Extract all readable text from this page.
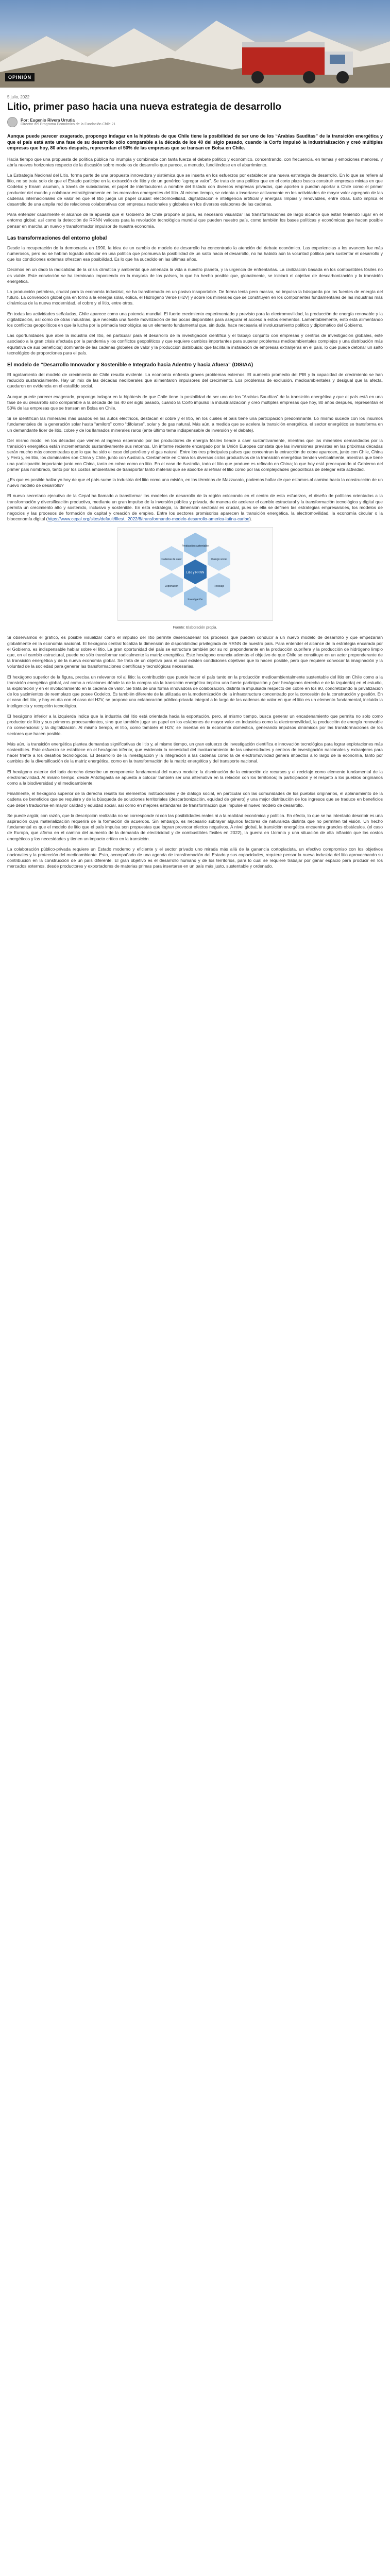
OPINIÓN
5 julio, 2022
Litio, primer paso hacia una nueva estrategia de desarrollo
Por: Eugenio Rivera Urrutia
Director del Programa Económico de la Fundación Chile 21

Aunque puede parecer exagerado, propongo indagar en la hipótesis de que Chile tiene la posibilidad de ser uno de los “Arabias Sauditas” de la transición energética y que el país está ante una fase de su desarrollo sólo comparable a la década de los 40 del siglo pasado, cuando la Corfo impulsó la industrialización y creó múltiples empresas que hoy, 80 años después, representan el 50% de las empresas que se transan en Bolsa en Chile.

Hacia tiempo que una propuesta de política pública no irrumpía y combinaba con tanta fuerza el debate político y económico, concentrando, con frecuencia, en temas y emociones menores, y abría nuevos horizontes respecto de la discusión sobre modelos de desarrollo que parece, a menudo, fundiéndose en el aburrimiento.

La Estrategia Nacional del Litio, forma parte de una propuesta innovadora y sistémica que se inserta en los esfuerzos por establecer una nueva estrategia de desarrollo. En lo que se refiere al litio, no se trata solo de que el Estado participe en la extracción de litio y de un genérico “agregar valor”. Se trata de una política que en el corto plazo busca construir empresas mixtas en que Codelco y Enami asuman, a través de subsidiarias, el papel de interlocutores a nombre del Estado con diversos empresas privadas, que aporten o puedan aportar a Chile como el primer productor del mundo y colaborar estratégicamente en los mercados emergentes del litio. Al mismo tiempo, se orienta a insertarse activamente en los actividades de mayor valor agregado de las cadenas internacionales de valor en que el litio juega un papel crucial: electromovilidad, digitalización e inteligencia artificial y energías limpias y renovables, entre otras. Esto implica el desarrollo de una amplia red de relaciones colaborativas con empresas nacionales y globales en los diversos eslabones de las cadenas.

Para entender cabalmente el alcance de la apuesta que el Gobierno de Chile propone al país, es necesario visualizar las transformaciones de largo alcance que están teniendo lugar en el entorno global; así como la detección de RRNN valiosos para la revolución tecnológica mundial que pueden nuestro país, como también los bases políticas y económicas que hacen posible pensar en marcha un nuevo y transformador impulsor de nuestra economía.

Las transformaciones del entorno global

Desde la recuperación de la democracia en 1990, la idea de un cambio de modelo de desarrollo ha concentrado la atención del debate económico. Las experiencias a los avances fue más numerosos, pero no se habían logrado articular en una política que promueva la posibilidad de un salto hacia el desarrollo, no ha habido aún la voluntad política para sustentar el desarrollo y que los condiciones externas ofrezcan esa posibilidad. Es lo que ha sucedido en las últimas años.

Decimos en un dado la radicalidad de la crisis climática y ambiental que amenaza la vida a nuestro planeta, y la urgencia de enfrentarlas. La civilización basada en los combustibles fósiles no es viable. Este convicción se ha terminado imponiendo en la mayoría de los países, lo que ha hecho posible que, globalmente, se iniciará el objetivo de descarbonización y la transición energética.

La producción petrolera, crucial para la economía industrial, se ha transformado en un pasivo insoportable. De forma lenta pero masiva, se impulsa la búsqueda por las fuentes de energía del futuro. La convención global gira en torno a la energía solar, eólica, el Hidrógeno Verde (H2V) y sobre los minerales que se constituyen en los componentes fundamentales de las industrias más dinámicas de la nueva modernidad, el cobre y el litio, entre otros.

En todas las actividades señaladas, Chile aparece como una potencia mundial. El fuerte crecimiento experimentado y previsto para la electromovilidad, la producción de energía renovable y la digitalización, así como de otras industrias, que necesita una fuerte movilización de las pocas disponibles para asegurar el acceso a estos elementos. Lamentablemente, esto está alimentando los conflictos geopolíticos en que la lucha por la primacía tecnológica es un elemento fundamental que, sin duda, hace necesaria el involucramiento político y diplomático del Gobierno.

Las oportunidades que abre la industria del litio, en particular para el desarrollo de la investigación científica y el trabajo conjunto con empresas y centros de investigación globales, este asociado a la gran crisis afectada por la pandemia y los conflictos geopolíticos y que requiere cambios importantes para superar problemas medioambientales complejos y una distribución más equitativa de sus beneficios) dominante de las cadenas globales de valor y la producción distribuida; que facilita la instalación de empresas extranjeras en el país, lo que puede detonar un salto tecnológico de proporciones para el país.

El modelo de “Desarrollo Innovador y Sostenible e Integrado hacia Adentro y hacia Afuera” (DISIAA)

El agotamiento del modelo de crecimiento de Chile resulta evidente. La economía enfrenta graves problemas externos. El aumento promedio del PIB y la capacidad de crecimiento se han reducido sustancialmente. Hay un mix de las décadas neoliberales que alimentaron impulsores del crecimiento. Los problemas de exclusión, medioambientales y desigual que la afecta, quedaron en evidencia en el estallido social.

Aunque puede parecer exagerado, propongo indagar en la hipótesis de que Chile tiene la posibilidad de ser uno de los “Arabias Sauditas” de la transición energética y que el país está en una fase de su desarrollo sólo comparable a la década de los 40 del siglo pasado, cuando la Corfo impulsó la industrialización y creó múltiples empresas que hoy, 80 años después, representan el 50% de las empresas que se transan en Bolsa en Chile.

Si se identifican las minerales más usados en las autos eléctricos, destacan el cobre y el litio, en los cuales el país tiene una participación predominante. Lo mismo sucede con los insumos fundamentales de la generación solar hasta “amiloro” como “difolarse”, solar y de gas natural. Más aún, a medida que se acelera la transición energética, el sector energético se transforma en un demandante líder de litio, cobre y de los llamados minerales raros (ante último tema indispensable de inversión y el debate).

Del mismo modo, en los décadas que vienen al ingreso esperando por las productores de energía fósiles tiende a caer sustantivamente, mientras que las minerales demandados por la transición energética están incrementando sustantivamente sus retornos. Un informe reciente encargado por la Unión Europea constata que las inversiones previstas en las próximas décadas serán mucho más concentradas que lo que ha sido el caso del petróleo y el gas natural. Entre los tres principales países que concentran la extracción de cobre aparecen, junto con Chile, China y Perú y, en litio, los dominantes son China y Chile, junto con Australia. Ciertamente en China los diversos ciclos productivos de la transición energética tienden verticalmente, mientras que tiene una participación importante junto con China, tanto en cobre como en litio. En el caso de Australia, todo el litio que produce es refinado en China; lo que hoy está preocupando al Gobierno del primer país nombrado, tanto por los costos ambientales de transportar tanto material que se absorbe al refinar el litio como por las complejidades geopolíticas de delegar esta actividad.

¿Es que es posible hallar yo hoy de que el país sume la industria del litio como una misión, en los términos de Mazzucato, podemos hallar de que estamos al camino hacia la construcción de un nuevo modelo de desarrollo?

El nuevo secretario ejecutivo de la Cepal ha llamado a transformar los modelos de desarrollo de la región colocando en el centro de esta esfuerzos, el diseño de políticas orientadas a la transformación y diversificación productiva, mediante un gran impulso de la inversión pública y privada, de manera de acelerar el cambio estructural y la transformación tecnológica y digital que permita un crecimiento alto y sostenido, inclusivo y sostenible. En esta estrategia, la dimensión sectorial es crucial, pues se ella se definen las estrategias empresariales, los modelos de negocios y las procesos de formación de capital y creación de empleo. Entre los sectores promisorios aparecen la transición energética, la electromovilidad, la economía circular o la bioeconomía digital (https://www.cepal.org/sites/default/files/...2022/8/transformando-modelo-desarrollo-america-latina-caribe).

Litio y RRNN
Producción sustentable
Diálogo social
Reciclaje
Investigación
Exportación
Cadenas de valor
Fuente: Elaboración propia.

Si observamos el gráfico, es posible visualizar cómo el impulso del litio permite desencadenar los procesos que pueden conducir a un nuevo modelo de desarrollo y que empezarían globalmente en la economía nacional. El hexágono central focaliza la dimensión de disponibilidad privilegiada de RRNN de nuestro país. Para entender el alcance de la estrategia encarada por el Gobierno, es indispensable hablar sobre el litio. La gran oportunidad del país se estructura también por su rol preponderante en la producción cuprífera y la producción de hidrógeno limpio que, en el cambio estructural, puede no sólo transformar radicalmente la matriz energética. Este hexágono enuncia además el objetivo de que Chile se constituye en un actor preponderante de la transición energética y de la nueva economía global. Se trata de un objetivo para el cual existen condiciones objetivas que lo hacen posible, pero que requiere convocar la imaginación y la voluntad de la sociedad para generar las transformaciones científicas y tecnológicas necesarias.

El hexágono superior de la figura, precisa un relevante rol al litio: la contribución que puede hacer el país tanto en la producción medioambientalmente sustentable del litio en Chile como a la transición energética global, así como a relaciones dónde la de la compra vía la transición energética implica una fuerte participación y (ver hexágonos derecha e de la izquierda) en el estudio, la exploración y en el involucramiento en la cadena de valor. Se trata de una forma innovadora de colaboración, distinta la impulsada respecto del cobre en los 90, concretizando la privatización de los yacimientos de reemplazo que posee Codelco. Es también diferente de la utilizada en la modernización de la infraestructura concentrado por la concesión de la construcción y gestión. En el caso del litio, y hoy en día con el caso del H2V, se propone una colaboración público-privada integral a lo largo de las cadenas de valor en que el litio es un elemento fundamental, incluida la inteligencia y recepción tecnológica.

El hexágono inferior a la izquierda indica que la industria del litio está orientada hacia la exportación, pero, al mismo tiempo, busca generar un encadenamiento que permita no solo como productor de litio y sus primeros procesamientos, sino que también jugar un papel en los eslabones de mayor valor en industrias como la electromovilidad, la producción de energía renovable no convencional y la digitalización. Al mismo tiempo, el litio, como también el H2V, se insertan en la economía doméstica, generando impulsos dinámicos por las transformaciones de los sectores que hacen posible.

Más aún, la transición energética plantea demandas significativas de litio y, al mismo tiempo, un gran esfuerzo de investigación científica e innovación tecnológica para lograr explotaciones más sostenibles. Este esfuerzo se establece en el hexágono inferior, que evidencia la necesidad del involucramiento de las universidades y centros de investigación nacionales y extranjeros para hacer frente a los desafíos tecnológicos. El desarrollo de la investigación y la integración a las cadenas como la de electromovilidad genera impactos a lo largo de la economía, tanto por cambios de la diversificación de la matriz energética, como en la transformación de la matriz energética y del transporte nacional.

El hexágono exterior del lado derecho describe un componente fundamental del nuevo modelo: la disminución de la extracción de recursos y el reciclaje como elemento fundamental de la electromovilidad. Al mismo tiempo, desde Antofagasta se apuesta a colocar también ser una alternativa en la relación con los territorios; la participación y el respeto a los pueblos originarios como a la biodiversidad y el medioambiente.

Finalmente, el hexágono superior de la derecha resalta los elementos institucionales y de diálogo social, en particular con las comunidades de los pueblos originarios, el aplanamiento de la cadena de beneficios que se requiere y de la búsqueda de soluciones territoriales (descarbonización, equidad de género) y una mejor distribución de los ingresos que se traduce en beneficios que deben traducirse en mayor calidad y equidad social, así como en mejores estándares de transformación que impulse el nuevo modelo de desarrollo.

Se puede argüir, con razón, que la descripción realizada no se corresponde ni con las posibilidades reales ni a la realidad económica y política. En efecto, lo que se ha intentado describir es una aspiración cuya materialización requerirá de la formación de acuerdos. Sin embargo, es necesario subrayar algunos factores de naturaleza distinta que no permiten tal visión. Un hecho fundamental es que el modelo de litio que el país impulsa son propuestas que logran provocar efectos negativos. A nivel global, la transición energética encuentra grandes obstáculos. (el caso de Europa, que afirma en el camino del aumento de la demanda de electricidad y de combustibles fósiles en 2022), la guerra en Ucrania y una situación de alta inflación que los costos energéticos y las necesidades y tienen un impacto crítico en la transición.

La colaboración público-privada requiere un Estado moderno y eficiente y el sector privado uno mirada más allá de la ganancia cortoplacista, un efectivo compromiso con los objetivos nacionales y la protección del medioambiente. Esto, acompañado de una agenda de transformación del Estado y sus capacidades, requiere pensar la nueva industria del litio aprovechando su contribución en la construcción de un país diferente. El gran objetivo es el desarrollo humano y de los territorios, para lo cual se requiere trabajar por ganar espacio para producir en los mercados externos, desde productores y exportadores de materias primas para insertarse en un país más justo, sustentable y ordenado.
